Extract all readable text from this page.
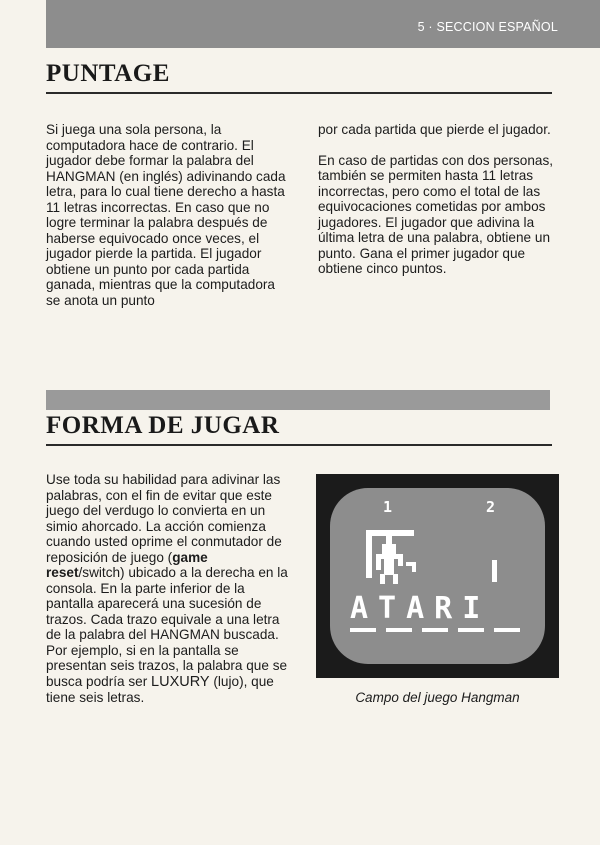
5 · SECCION ESPAÑOL
PUNTAGE

Si juega una sola persona, la computadora hace de contrario. El jugador debe formar la palabra del HANGMAN (en inglés) adivinando cada letra, para lo cual tiene derecho a hasta 11 letras incorrectas. En caso que no logre terminar la palabra después de haberse equivocado once veces, el jugador pierde la partida. El jugador obtiene un punto por cada partida ganada, mientras que la computadora se anota un punto

por cada partida que pierde el jugador.

En caso de partidas con dos personas, también se permiten hasta 11 letras incorrectas, pero como el total de las equivocaciones cometidas por ambos jugadores. El jugador que adivina la última letra de una palabra, obtiene un punto. Gana el primer jugador que obtiene cinco puntos.

FORMA DE JUGAR

Use toda su habilidad para adivinar las palabras, con el fin de evitar que este juego del verdugo lo convierta en un simio ahorcado. La acción comienza cuando usted oprime el conmutador de reposición de juego (game reset/switch) ubicado a la derecha en la consola. En la parte inferior de la pantalla aparecerá una sucesión de trazos. Cada trazo equivale a una letra de la palabra del HANGMAN buscada. Por ejemplo, si en la pantalla se presentan seis trazos, la palabra que se busca podría ser LUXURY (lujo), que tiene seis letras.

1	2
ATARI
Campo del juego Hangman
